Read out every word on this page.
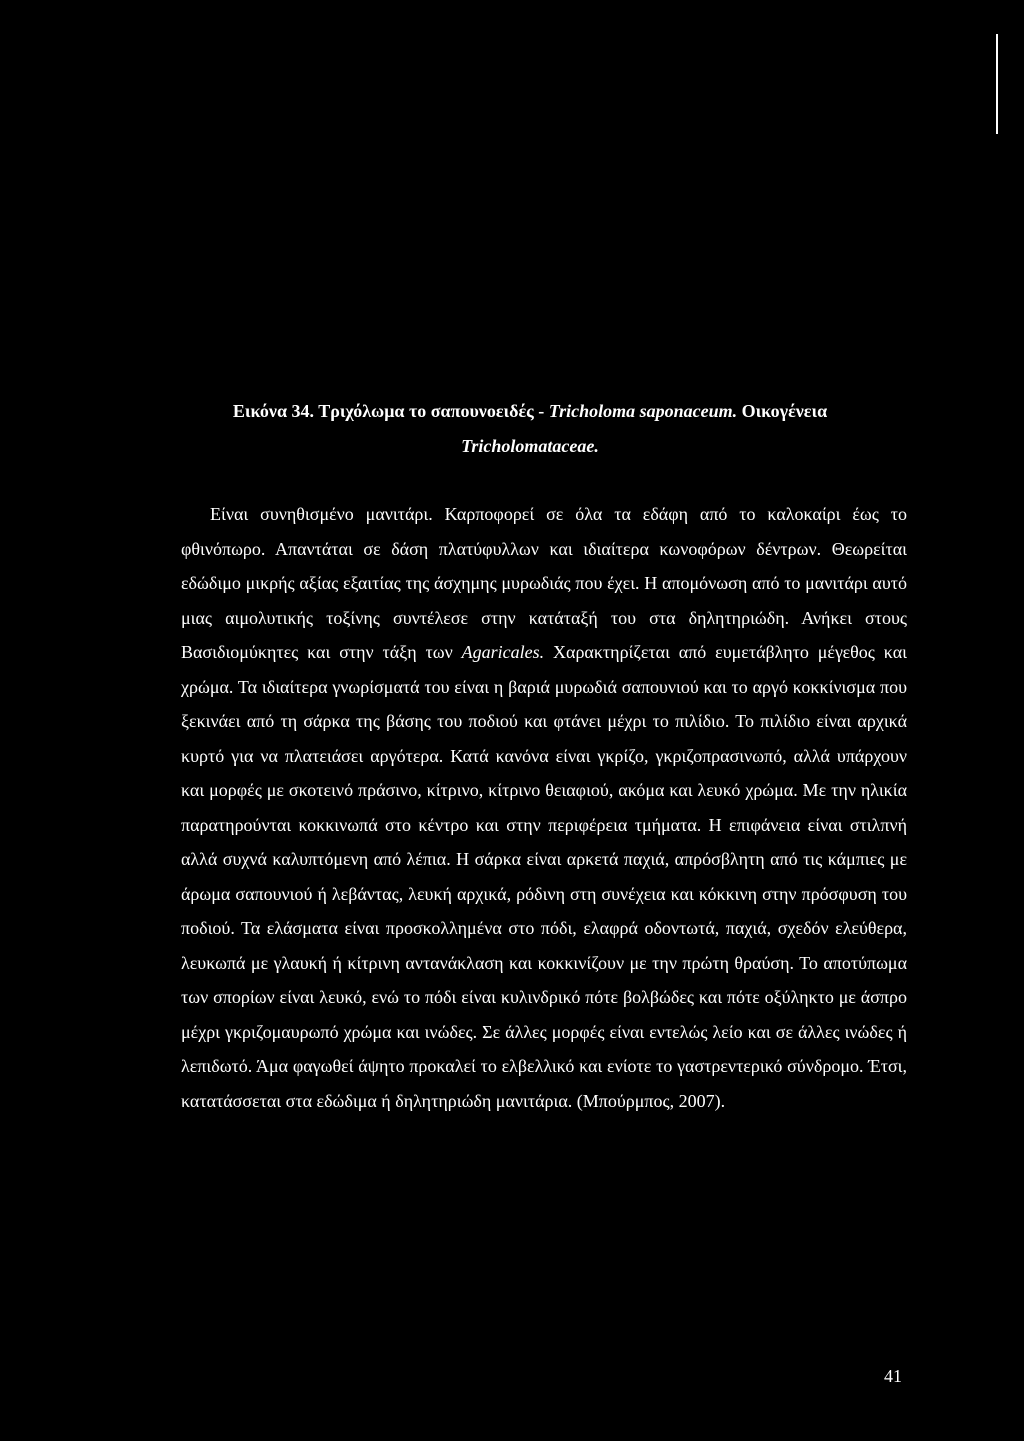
Εικόνα 34. Τριχόλωμα το σαπουνοειδές - Tricholoma saponaceum. Οικογένεια
Tricholomataceae.

Είναι συνηθισμένο μανιτάρι. Καρποφορεί σε όλα τα εδάφη από το καλοκαίρι έως το φθινόπωρο. Απαντάται σε δάση πλατύφυλλων και ιδιαίτερα κωνοφόρων δέντρων. Θεωρείται εδώδιμο μικρής αξίας εξαιτίας της άσχημης μυρωδιάς που έχει. Η απομόνωση από το μανιτάρι αυτό μιας αιμολυτικής τοξίνης συντέλεσε στην κατάταξή του στα δηλητηριώδη. Ανήκει στους Βασιδιομύκητες και στην τάξη των Agaricales. Χαρακτηρίζεται από ευμετάβλητο μέγεθος και χρώμα. Τα ιδιαίτερα γνωρίσματά του είναι η βαριά μυρωδιά σαπουνιού και το αργό κοκκίνισμα που ξεκινάει από τη σάρκα της βάσης του ποδιού και φτάνει μέχρι το πιλίδιο. Το πιλίδιο είναι αρχικά κυρτό για να πλατειάσει αργότερα. Κατά κανόνα είναι γκρίζο, γκριζοπρασινωπό, αλλά υπάρχουν και μορφές με σκοτεινό πράσινο, κίτρινο, κίτρινο θειαφιού, ακόμα και λευκό χρώμα. Με την ηλικία παρατηρούνται κοκκινωπά στο κέντρο και στην περιφέρεια τμήματα. Η επιφάνεια είναι στιλπνή αλλά συχνά καλυπτόμενη από λέπια. Η σάρκα είναι αρκετά παχιά, απρόσβλητη από τις κάμπιες με άρωμα σαπουνιού ή λεβάντας, λευκή αρχικά, ρόδινη στη συνέχεια και κόκκινη στην πρόσφυση του ποδιού. Τα ελάσματα είναι προσκολλημένα στο πόδι, ελαφρά οδοντωτά, παχιά, σχεδόν ελεύθερα, λευκωπά με γλαυκή ή κίτρινη αντανάκλαση και κοκκινίζουν με την πρώτη θραύση. Το αποτύπωμα των σπορίων είναι λευκό, ενώ το πόδι είναι κυλινδρικό πότε βολβώδες και πότε οξύληκτο με άσπρο μέχρι γκριζομαυρωπό χρώμα και ινώδες. Σε άλλες μορφές είναι εντελώς λείο και σε άλλες ινώδες ή λεπιδωτό. Άμα φαγωθεί άψητο προκαλεί το ελβελλικό και ενίοτε το γαστρεντερικό σύνδρομο. Έτσι, κατατάσσεται στα εδώδιμα ή δηλητηριώδη μανιτάρια. (Μπούρμπος, 2007).

41
